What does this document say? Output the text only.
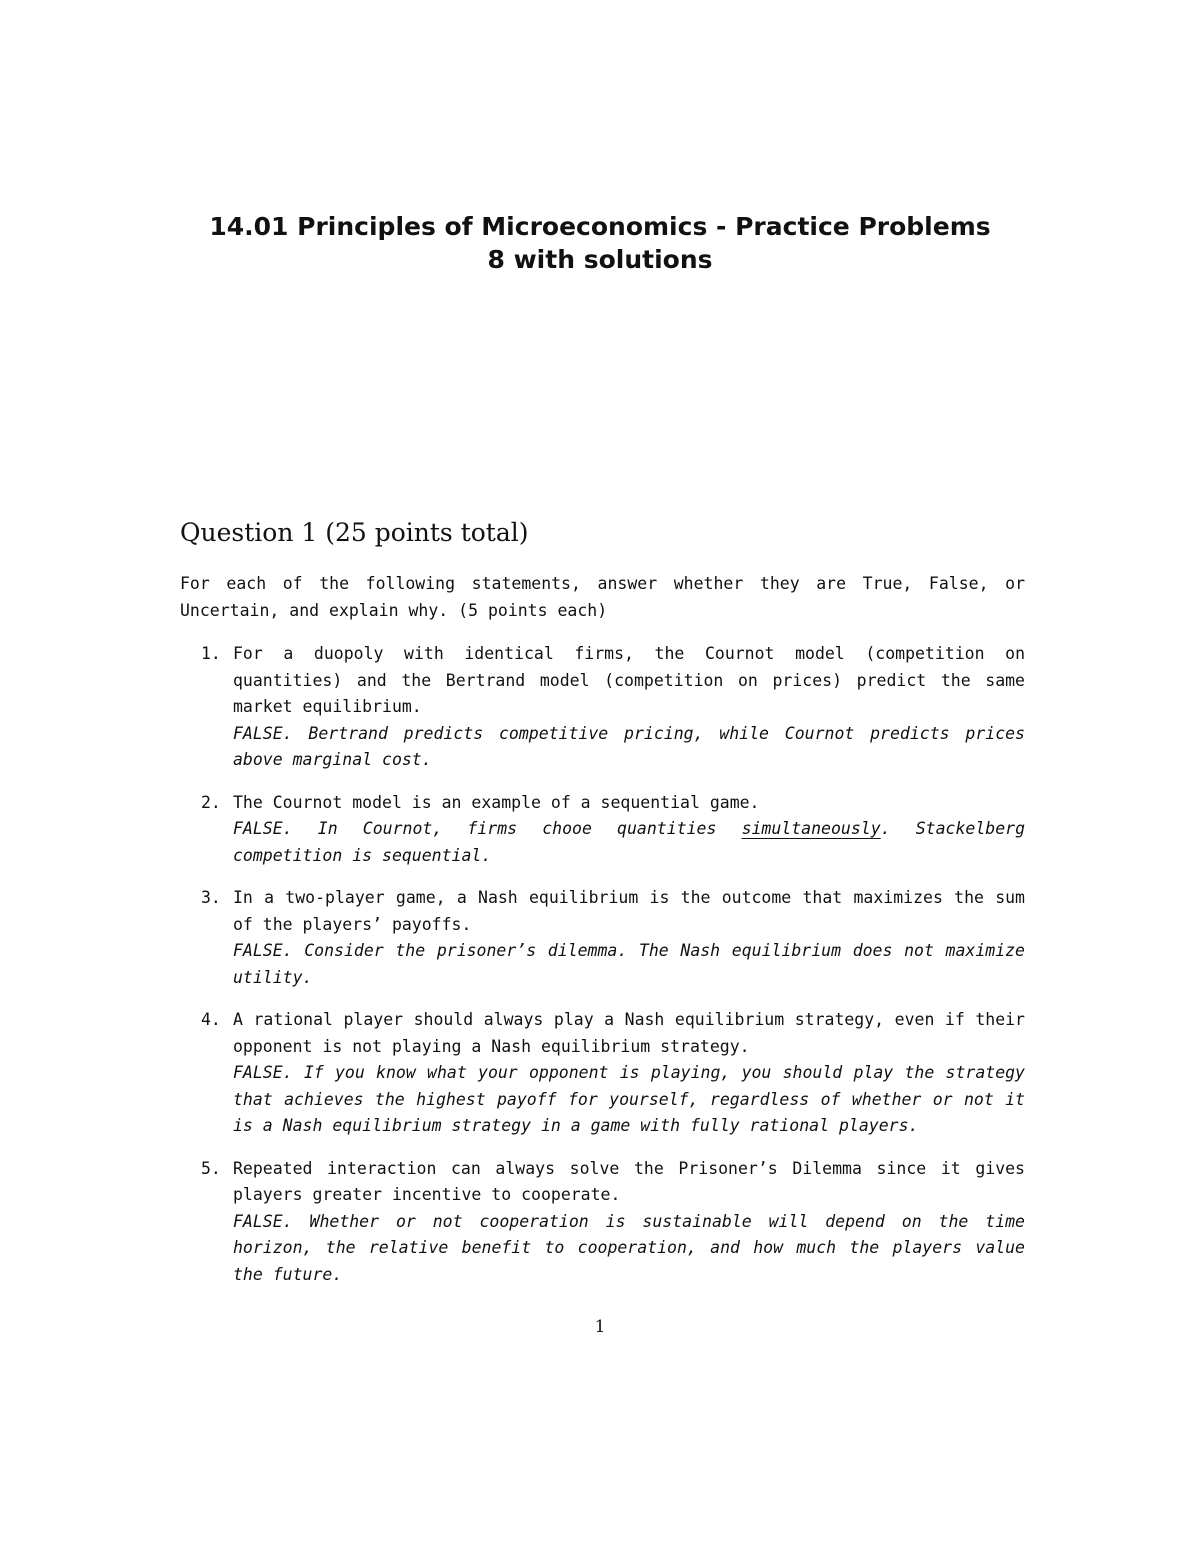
14.01 Principles of Microeconomics - Practice Problems
8 with solutions
Question 1 (25 points total)
For each of the following statements, answer whether they are True, False, or Uncertain, and explain why. (5 points each)
1. For a duopoly with identical firms, the Cournot model (competition on quantities) and the Bertrand model (competition on prices) predict the same market equilibrium.
FALSE. Bertrand predicts competitive pricing, while Cournot predicts prices above marginal cost.
2. The Cournot model is an example of a sequential game.
FALSE. In Cournot, firms chooe quantities simultaneously. Stackelberg competition is sequential.
3. In a two-player game, a Nash equilibrium is the outcome that maximizes the sum of the players’ payoffs.
FALSE. Consider the prisoner’s dilemma. The Nash equilibrium does not maximize utility.
4. A rational player should always play a Nash equilibrium strategy, even if their opponent is not playing a Nash equilibrium strategy.
FALSE. If you know what your opponent is playing, you should play the strategy that achieves the highest payoff for yourself, regardless of whether or not it is a Nash equilibrium strategy in a game with fully rational players.
5. Repeated interaction can always solve the Prisoner’s Dilemma since it gives players greater incentive to cooperate.
FALSE. Whether or not cooperation is sustainable will depend on the time horizon, the relative benefit to cooperation, and how much the players value the future.
1
